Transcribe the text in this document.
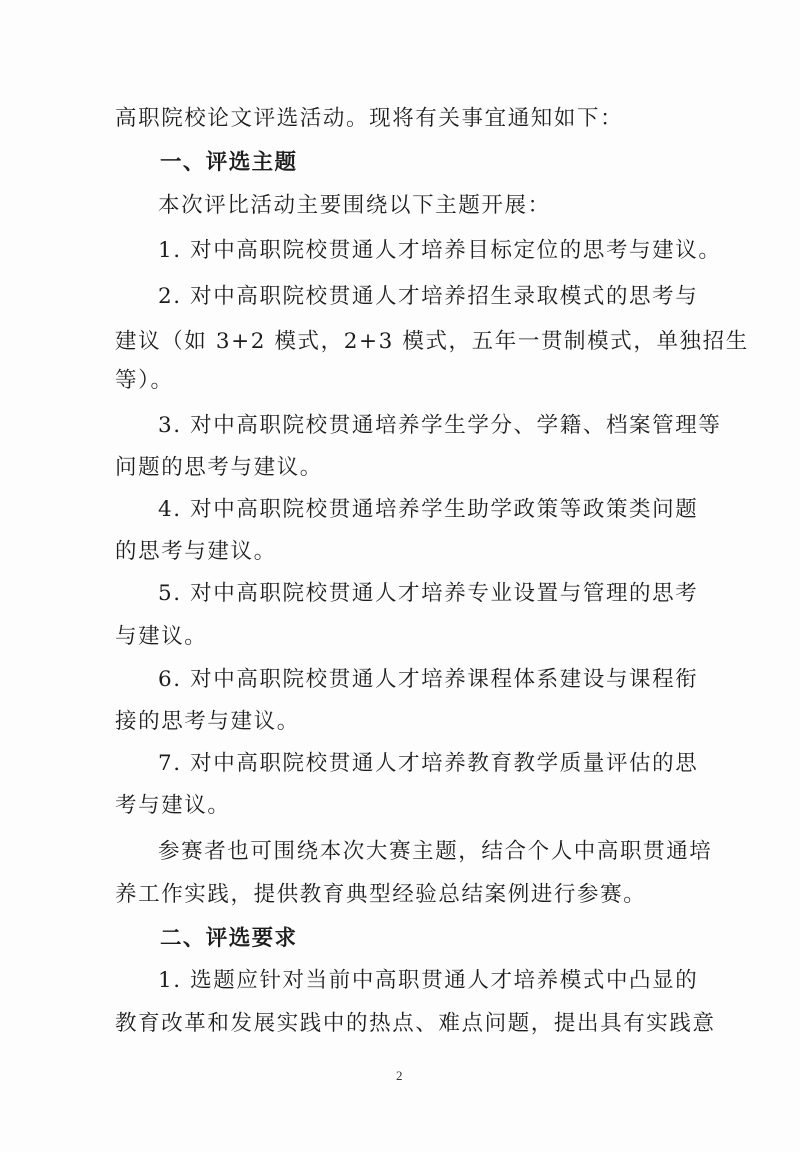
高职院校论文评选活动。现将有关事宜通知如下：
一、评选主题
本次评比活动主要围绕以下主题开展：
1. 对中高职院校贯通人才培养目标定位的思考与建议。
2. 对中高职院校贯通人才培养招生录取模式的思考与
建议（如 3+2 模式，2+3 模式，五年一贯制模式，单独招生
等）。
3. 对中高职院校贯通培养学生学分、学籍、档案管理等
问题的思考与建议。
4. 对中高职院校贯通培养学生助学政策等政策类问题
的思考与建议。
5. 对中高职院校贯通人才培养专业设置与管理的思考
与建议。
6. 对中高职院校贯通人才培养课程体系建设与课程衔
接的思考与建议。
7. 对中高职院校贯通人才培养教育教学质量评估的思
考与建议。
参赛者也可围绕本次大赛主题，结合个人中高职贯通培
养工作实践，提供教育典型经验总结案例进行参赛。
二、评选要求
1. 选题应针对当前中高职贯通人才培养模式中凸显的
教育改革和发展实践中的热点、难点问题，提出具有实践意
2
